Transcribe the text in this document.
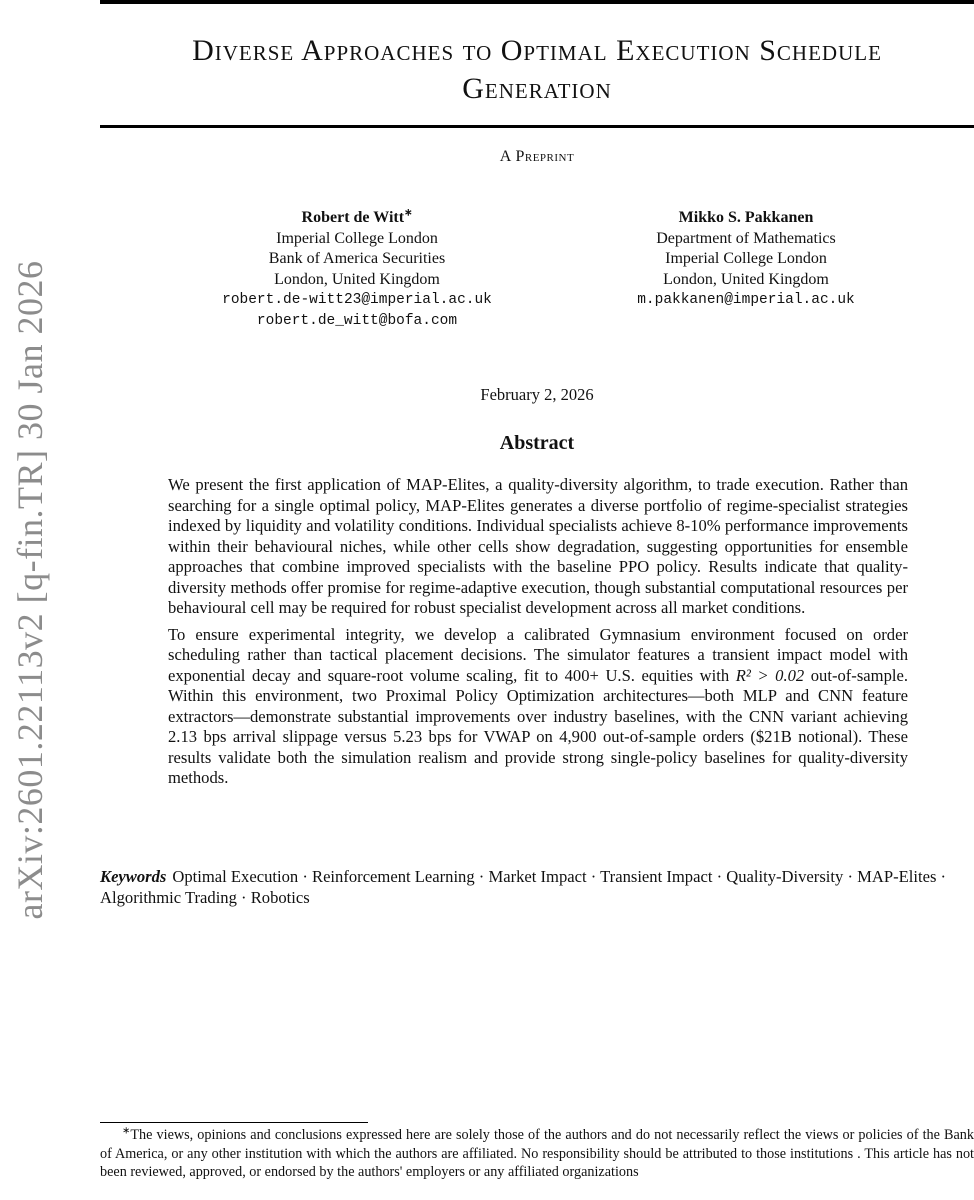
arXiv:2601.22113v2 [q-fin.TR] 30 Jan 2026
Diverse Approaches to Optimal Execution Schedule
Generation
A Preprint
Robert de Witt∗
Imperial College London
Bank of America Securities
London, United Kingdom
robert.de-witt23@imperial.ac.uk
robert.de_witt@bofa.com
Mikko S. Pakkanen
Department of Mathematics
Imperial College London
London, United Kingdom
m.pakkanen@imperial.ac.uk
February 2, 2026
Abstract

We present the first application of MAP-Elites, a quality-diversity algorithm, to trade execution. Rather than searching for a single optimal policy, MAP-Elites generates a diverse portfolio of regime-specialist strategies indexed by liquidity and volatility conditions. Individual specialists achieve 8-10% performance improvements within their behavioural niches, while other cells show degradation, suggesting opportunities for ensemble approaches that combine improved specialists with the baseline PPO policy. Results indicate that quality-diversity methods offer promise for regime-adaptive execution, though substantial computational resources per behavioural cell may be required for robust specialist development across all market conditions.

To ensure experimental integrity, we develop a calibrated Gymnasium environment focused on order scheduling rather than tactical placement decisions. The simulator features a transient impact model with exponential decay and square-root volume scaling, fit to 400+ U.S. equities with R² > 0.02 out-of-sample. Within this environment, two Proximal Policy Optimization architectures—both MLP and CNN feature extractors—demonstrate substantial improvements over industry baselines, with the CNN variant achieving 2.13 bps arrival slippage versus 5.23 bps for VWAP on 4,900 out-of-sample orders ($21B notional). These results validate both the simulation realism and provide strong single-policy baselines for quality-diversity methods.

Keywords Optimal Execution · Reinforcement Learning · Market Impact · Transient Impact · Quality-Diversity · MAP-Elites · Algorithmic Trading · Robotics
∗The views, opinions and conclusions expressed here are solely those of the authors and do not necessarily reflect the views or policies of the Bank of America, or any other institution with which the authors are affiliated. No responsibility should be attributed to those institutions . This article has not been reviewed, approved, or endorsed by the authors' employers or any affiliated organizations
